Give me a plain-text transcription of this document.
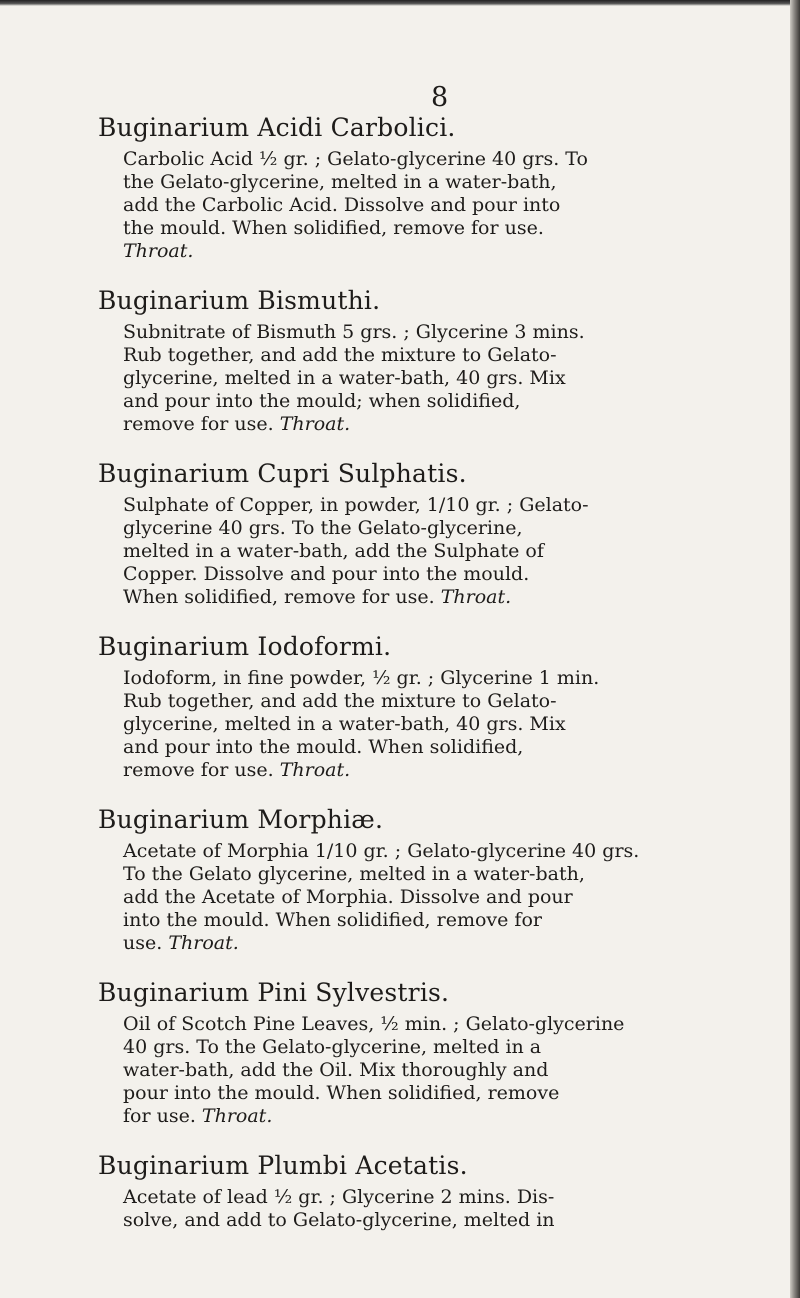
8
Buginarium Acidi Carbolici.
Carbolic Acid ½ gr. ; Gelato-glycerine 40 grs. To
the Gelato-glycerine, melted in a water-bath,
add the Carbolic Acid. Dissolve and pour into
the mould. When solidified, remove for use.
Throat.
Buginarium Bismuthi.
Subnitrate of Bismuth 5 grs. ; Glycerine 3 mins.
Rub together, and add the mixture to Gelato-
glycerine, melted in a water-bath, 40 grs. Mix
and pour into the mould; when solidified,
remove for use. Throat.
Buginarium Cupri Sulphatis.
Sulphate of Copper, in powder, 1/10 gr. ; Gelato-
glycerine 40 grs. To the Gelato-glycerine,
melted in a water-bath, add the Sulphate of
Copper. Dissolve and pour into the mould.
When solidified, remove for use. Throat.
Buginarium Iodoformi.
Iodoform, in fine powder, ½ gr. ; Glycerine 1 min.
Rub together, and add the mixture to Gelato-
glycerine, melted in a water-bath, 40 grs. Mix
and pour into the mould. When solidified,
remove for use. Throat.
Buginarium Morphiæ.
Acetate of Morphia 1/10 gr. ; Gelato-glycerine 40 grs.
To the Gelato glycerine, melted in a water-bath,
add the Acetate of Morphia. Dissolve and pour
into the mould. When solidified, remove for
use. Throat.
Buginarium Pini Sylvestris.
Oil of Scotch Pine Leaves, ½ min. ; Gelato-glycerine
40 grs. To the Gelato-glycerine, melted in a
water-bath, add the Oil. Mix thoroughly and
pour into the mould. When solidified, remove
for use. Throat.
Buginarium Plumbi Acetatis.
Acetate of lead ½ gr. ; Glycerine 2 mins. Dis-
solve, and add to Gelato-glycerine, melted in
